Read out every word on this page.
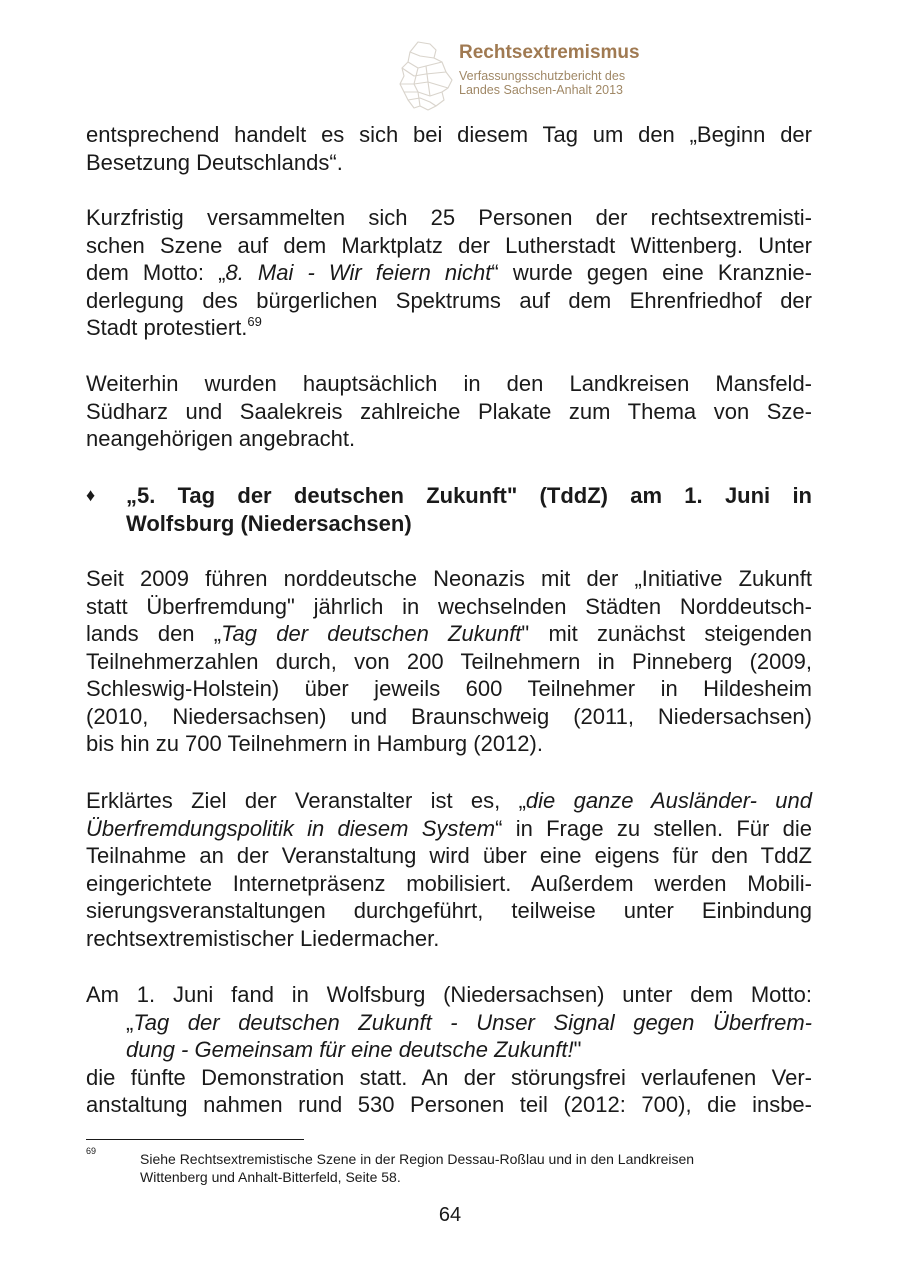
Rechtsextremismus
Verfassungsschutzbericht des
Landes Sachsen-Anhalt 2013

entsprechend handelt es sich bei diesem Tag um den „Beginn der
Besetzung Deutschlands“.

Kurzfristig versammelten sich 25 Personen der rechtsextremisti-
schen Szene auf dem Marktplatz der Lutherstadt Wittenberg. Unter
dem Motto: „8. Mai - Wir feiern nicht“ wurde gegen eine Kranznie-
derlegung des bürgerlichen Spektrums auf dem Ehrenfriedhof der
Stadt protestiert.$^{69}$

Weiterhin wurden hauptsächlich in den Landkreisen Mansfeld-
Südharz und Saalekreis zahlreiche Plakate zum Thema von Sze-
neangehörigen angebracht.

♦	„5. Tag der deutschen Zukunft" (TddZ) am 1. Juni in
Wolfsburg (Niedersachsen)

Seit 2009 führen norddeutsche Neonazis mit der „Initiative Zukunft
statt Überfremdung" jährlich in wechselnden Städten Norddeutsch-
lands den „Tag der deutschen Zukunft" mit zunächst steigenden
Teilnehmerzahlen durch, von 200 Teilnehmern in Pinneberg (2009,
Schleswig-Holstein) über jeweils 600 Teilnehmer in Hildesheim
(2010, Niedersachsen) und Braunschweig (2011, Niedersachsen)
bis hin zu 700 Teilnehmern in Hamburg (2012).

Erklärtes Ziel der Veranstalter ist es, „die ganze Ausländer- und
Überfremdungspolitik in diesem System“ in Frage zu stellen. Für die
Teilnahme an der Veranstaltung wird über eine eigens für den TddZ
eingerichtete Internetpräsenz mobilisiert. Außerdem werden Mobili-
sierungsveranstaltungen durchgeführt, teilweise unter Einbindung
rechtsextremistischer Liedermacher.

Am 1. Juni fand in Wolfsburg (Niedersachsen) unter dem Motto:
„Tag der deutschen Zukunft - Unser Signal gegen Überfrem-
dung - Gemeinsam für eine deutsche Zukunft!"
die fünfte Demonstration statt. An der störungsfrei verlaufenen Ver-
anstaltung nahmen rund 530 Personen teil (2012: 700), die insbe-

69	Siehe Rechtsextremistische Szene in der Region Dessau-Roßlau und in den Landkreisen
Wittenberg und Anhalt-Bitterfeld, Seite 58.
64
